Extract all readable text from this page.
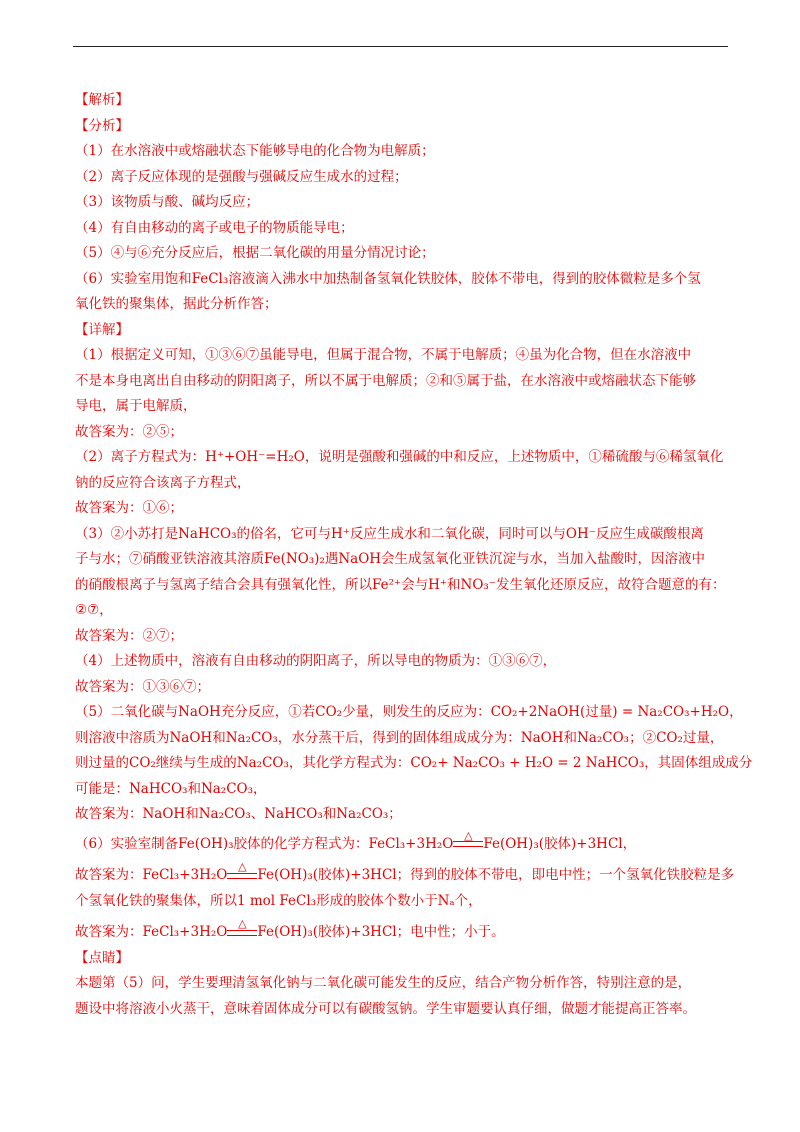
【解析】
【分析】
（1）在水溶液中或熔融状态下能够导电的化合物为电解质；
（2）离子反应体现的是强酸与强碱反应生成水的过程；
（3）该物质与酸、碱均反应；
（4）有自由移动的离子或电子的物质能导电；
（5）④与⑥充分反应后，根据二氧化碳的用量分情况讨论；
（6）实验室用饱和FeCl₃溶液滴入沸水中加热制备氢氧化铁胶体，胶体不带电，得到的胶体微粒是多个氢
氧化铁的聚集体，据此分析作答；
【详解】
（1）根据定义可知，①③⑥⑦虽能导电，但属于混合物，不属于电解质；④虽为化合物，但在水溶液中
不是本身电离出自由移动的阴阳离子，所以不属于电解质；②和⑤属于盐，在水溶液中或熔融状态下能够
导电，属于电解质，
故答案为：②⑤；
（2）离子方程式为：H⁺+OH⁻=H₂O，说明是强酸和强碱的中和反应，上述物质中，①稀硫酸与⑥稀氢氧化
钠的反应符合该离子方程式，
故答案为：①⑥；
（3）②小苏打是NaHCO₃的俗名，它可与H⁺反应生成水和二氧化碳，同时可以与OH⁻反应生成碳酸根离
子与水；⑦硝酸亚铁溶液其溶质Fe(NO₃)₂遇NaOH会生成氢氧化亚铁沉淀与水，当加入盐酸时，因溶液中
的硝酸根离子与氢离子结合会具有强氧化性，所以Fe²⁺会与H⁺和NO₃⁻发生氧化还原反应，故符合题意的有：
②⑦，
故答案为：②⑦；
（4）上述物质中，溶液有自由移动的阴阳离子，所以导电的物质为：①③⑥⑦，
故答案为：①③⑥⑦；
（5）二氧化碳与NaOH充分反应，①若CO₂少量，则发生的反应为：CO₂+2NaOH(过量) = Na₂CO₃+H₂O，
则溶液中溶质为NaOH和Na₂CO₃，水分蒸干后，得到的固体组成成分为：NaOH和Na₂CO₃；②CO₂过量，
则过量的CO₂继续与生成的Na₂CO₃，其化学方程式为：CO₂+ Na₂CO₃ + H₂O = 2 NaHCO₃，其固体组成成分
可能是：NaHCO₃和Na₂CO₃，
故答案为：NaOH和Na₂CO₃、NaHCO₃和Na₂CO₃；
（6）实验室制备Fe(OH)₃胶体的化学方程式为：FeCl₃+3H₂O
△
Fe(OH)₃(胶体)+3HCl，
故答案为：FeCl₃+3H₂O
△
Fe(OH)₃(胶体)+3HCl；得到的胶体不带电，即电中性；一个氢氧化铁胶粒是多
个氢氧化铁的聚集体，所以1 mol FeCl₃形成的胶体个数小于Nₐ个，
故答案为：FeCl₃+3H₂O
△
Fe(OH)₃(胶体)+3HCl；电中性；小于。
【点睛】
本题第（5）问，学生要理清氢氧化钠与二氧化碳可能发生的反应，结合产物分析作答，特别注意的是，
题设中将溶液小火蒸干，意味着固体成分可以有碳酸氢钠。学生审题要认真仔细，做题才能提高正答率。
